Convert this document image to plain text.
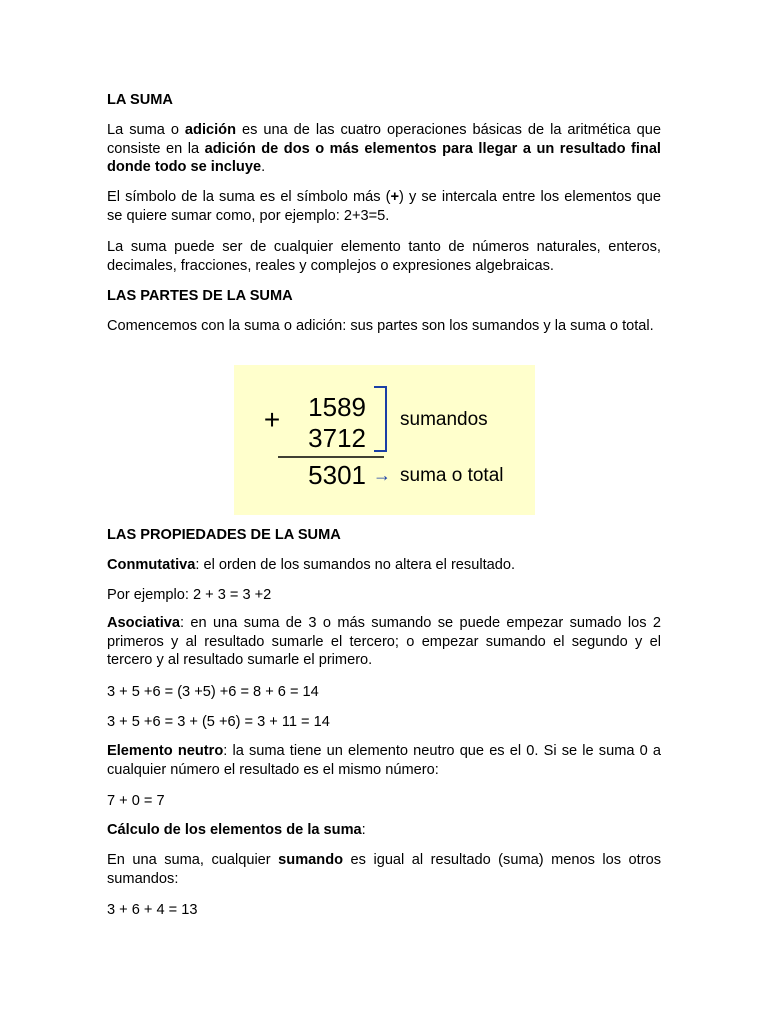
LA SUMA

La suma o adición es una de las cuatro operaciones básicas de la aritmética que consiste en la adición de dos o más elementos para llegar a un resultado final donde todo se incluye.

El símbolo de la suma es el símbolo más (+) y se intercala entre los elementos que se quiere sumar como, por ejemplo: 2+3=5.

La suma puede ser de cualquier elemento tanto de números naturales, enteros, decimales, fracciones, reales y complejos o expresiones algebraicas.

LAS PARTES DE LA SUMA

Comencemos con la suma o adición: sus partes son los sumandos y la suma o total.

LAS PROPIEDADES DE LA SUMA

Conmutativa: el orden de los sumandos no altera el resultado.

Por ejemplo: 2 + 3 = 3 +2

Asociativa: en una suma de 3 o más sumando se puede empezar sumado los 2 primeros y al resultado sumarle el tercero; o empezar sumando el segundo y el tercero y al resultado sumarle el primero.

3 + 5 +6 = (3 +5) +6 = 8 + 6 = 14

3 + 5 +6 = 3 + (5 +6) = 3 + 11 = 14

Elemento neutro: la suma tiene un elemento neutro que es el 0. Si se le suma 0 a cualquier número el resultado es el mismo número:

7 + 0 = 7

Cálculo de los elementos de la suma:

En una suma, cualquier sumando es igual al resultado (suma) menos los otros sumandos:

3 + 6 + 4 = 13

+ 1589
3712
sumandos
5301 → suma o total
